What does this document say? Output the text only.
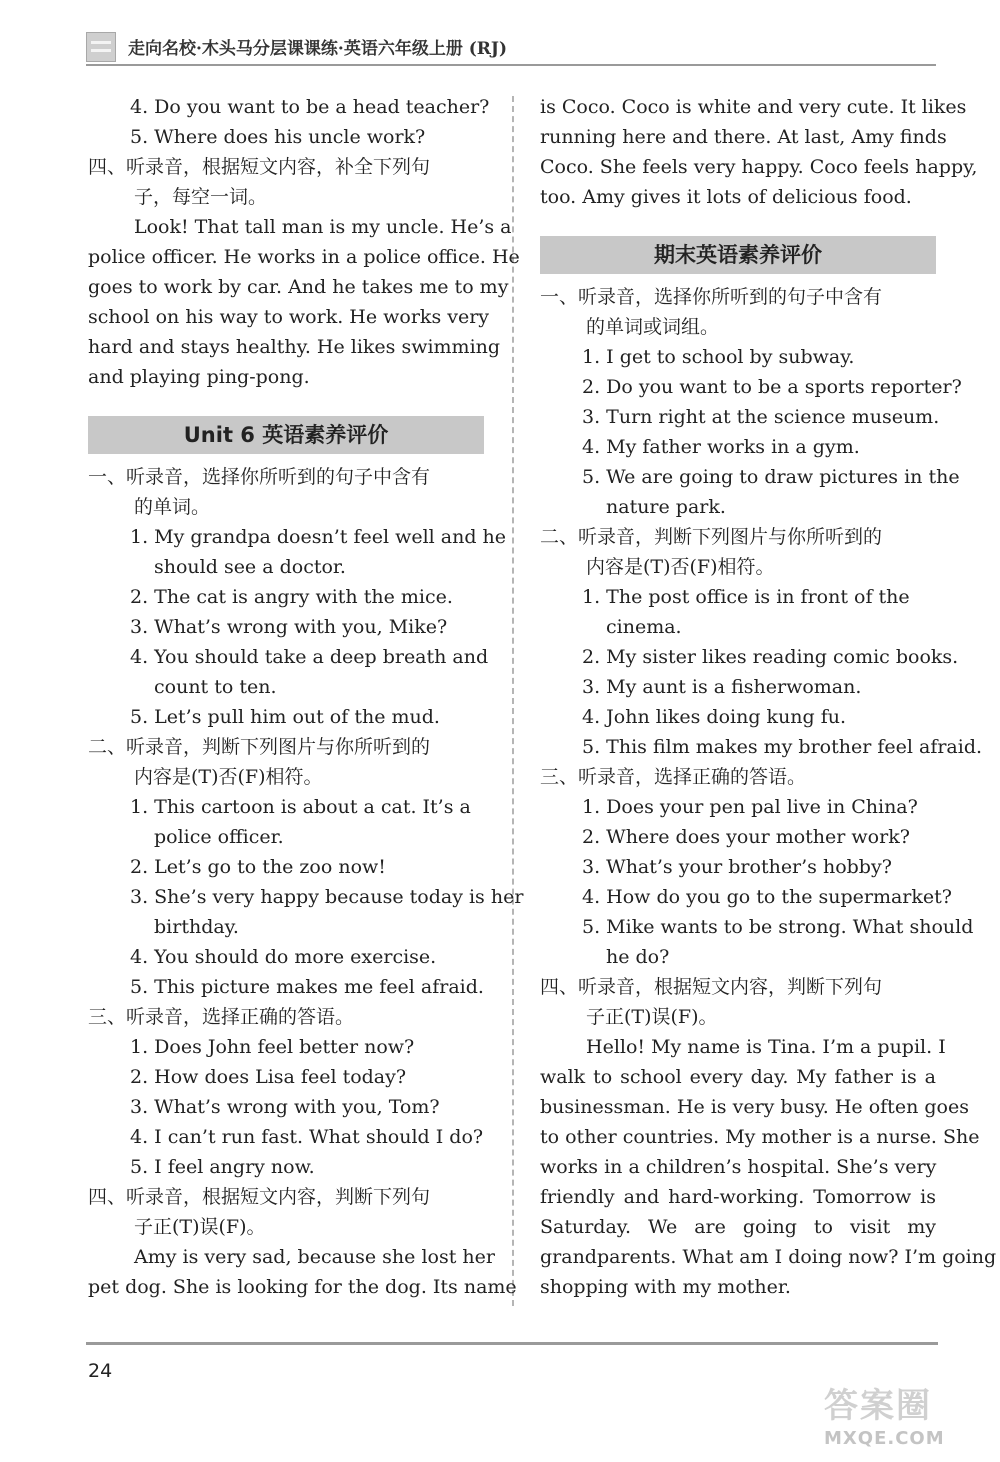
走向名校·木头马分层课课练·英语六年级上册 (RJ)
4. Do you want to be a head teacher?
5. Where does his uncle work?
四、听录音，根据短文内容，补全下列句
子，每空一词。
Look! That tall man is my uncle. He’s a
police officer. He works in a police office. He
goes to work by car. And he takes me to my
school on his way to work. He works very
hard and stays healthy. He likes swimming
and playing ping-pong.
Unit 6 英语素养评价
一、听录音，选择你所听到的句子中含有
的单词。
1. My grandpa doesn’t feel well and he
should see a doctor.
2. The cat is angry with the mice.
3. What’s wrong with you, Mike?
4. You should take a deep breath and
count to ten.
5. Let’s pull him out of the mud.
二、听录音，判断下列图片与你所听到的
内容是(T)否(F)相符。
1. This cartoon is about a cat. It’s a
police officer.
2. Let’s go to the zoo now!
3. She’s very happy because today is her
birthday.
4. You should do more exercise.
5. This picture makes me feel afraid.
三、听录音，选择正确的答语。
1. Does John feel better now?
2. How does Lisa feel today?
3. What’s wrong with you, Tom?
4. I can’t run fast. What should I do?
5. I feel angry now.
四、听录音，根据短文内容，判断下列句
子正(T)误(F)。
Amy is very sad, because she lost her
pet dog. She is looking for the dog. Its name
is Coco. Coco is white and very cute. It likes
running here and there. At last, Amy finds
Coco. She feels very happy. Coco feels happy,
too. Amy gives it lots of delicious food.
期末英语素养评价
一、听录音，选择你所听到的句子中含有
的单词或词组。
1. I get to school by subway.
2. Do you want to be a sports reporter?
3. Turn right at the science museum.
4. My father works in a gym.
5. We are going to draw pictures in the
nature park.
二、听录音，判断下列图片与你所听到的
内容是(T)否(F)相符。
1. The post office is in front of the
cinema.
2. My sister likes reading comic books.
3. My aunt is a fisherwoman.
4. John likes doing kung fu.
5. This film makes my brother feel afraid.
三、听录音，选择正确的答语。
1. Does your pen pal live in China?
2. Where does your mother work?
3. What’s your brother’s hobby?
4. How do you go to the supermarket?
5. Mike wants to be strong. What should
he do?
四、听录音，根据短文内容，判断下列句
子正(T)误(F)。
Hello! My name is Tina. I’m a pupil. I
walk to school every day. My father is a
businessman. He is very busy. He often goes
to other countries. My mother is a nurse. She
works in a children’s hospital. She’s very
friendly and hard-working. Tomorrow is
Saturday. We are going to visit my
grandparents. What am I doing now? I’m going
shopping with my mother.
24
答案圈
MXQE.COM
